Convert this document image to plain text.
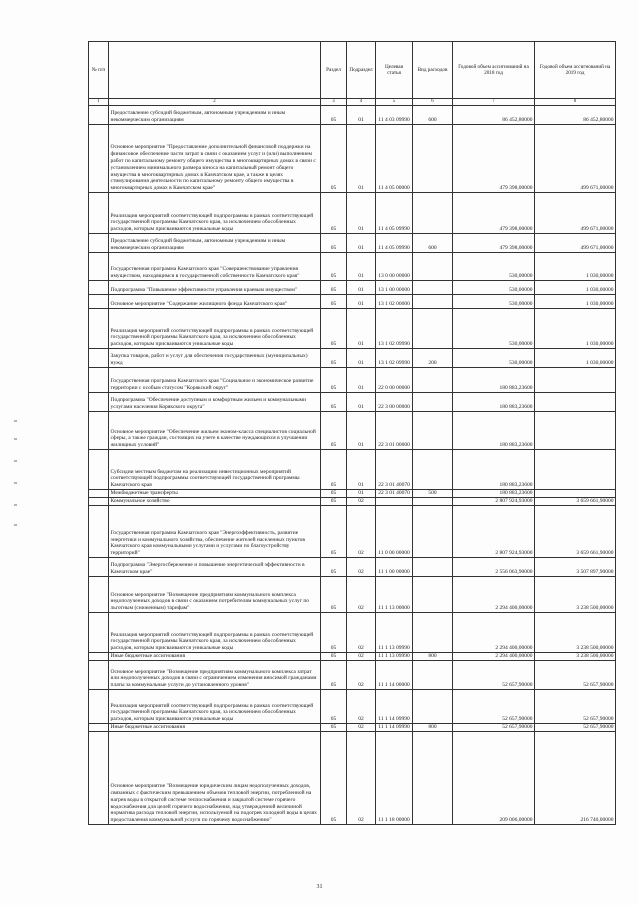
№ п/п		Раздел	Подраздел	Целевая статья	Вид расходов	Годовой объем ассигнований на 2018 год	Годовой объем ассигнований на 2019 год
1	2	3	4	5	6	7	8
	Предоставление субсидий бюджетным, автономным учреждениям и иным некоммерческим организациям	05	01	11 4 03 09990	600	86 452,80000	86 452,80000
	Основное мероприятие "Предоставление дополнительной финансовой поддержки на финансовое обеспечение части затрат в связи с оказанием услуг и (или) выполнением работ по капитальному ремонту общего имущества в многоквартирных домах в связи с установлением минимального размера взноса на капитальный ремонт общего имущества в многоквартирных домах в Камчатском крае, а также в целях стимулирования деятельности по капитальному ремонту общего имущества в многоквартирных домах в Камчатском крае"	05	01	11 4 05 00000		479 398,00000	499 671,00000
	Реализация мероприятий соответствующей подпрограммы в рамках соответствующей государственной программы Камчатского края, за исключением обособленных расходов, которым присваиваются уникальные коды	05	01	11 4 05 09990		479 398,00000	499 671,00000
	Предоставление субсидий бюджетным, автономным учреждениям и иным некоммерческим организациям	05	01	11 4 05 09990	600	479 398,00000	499 671,00000
	Государственная программа Камчатского края "Совершенствование управления имуществом, находящимся в государственной собственности Камчатского края"	05	01	13 0 00 00000		530,00000	1 030,00000
	Подпрограмма "Повышение эффективности управления краевым имуществом"	05	01	13 1 00 00000		530,00000	1 030,00000
	Основное мероприятие "Содержание жилищного фонда Камчатского края"	05	01	13 1 02 00000		530,00000	1 030,00000
	Реализация мероприятий соответствующей подпрограммы в рамках соответствующей государственной программы Камчатского края, за исключением обособленных расходов, которым присваиваются уникальные коды	05	01	13 1 02 09990		530,00000	1 030,00000
	Закупка товаров, работ и услуг для обеспечения государственных (муниципальных) нужд	05	01	13 1 02 09990	200	530,00000	1 030,00000
	Государственная программа Камчатского края "Социальное и экономическое развитие территории с особым статусом "Корякский округ"	05	01	22 0 00 00000		180 883,23600	
	Подпрограмма "Обеспечение доступным и комфортным жильем и коммунальными услугами населения Корякского округа"	05	01	22 3 00 00000		180 883,23600	
	Основное мероприятие "Обеспечение жильем эконом-класса специалистов социальной сферы, а также граждан, состоящих на учете в качестве нуждающихся в улучшении жилищных условий"	05	01	22 3 01 00000		180 883,23600	
	Субсидии местным бюджетам на реализацию инвестиционных мероприятий соответствующей подпрограммы соответствующей государственной программы Камчатского края	05	01	22 3 01 40070		180 883,23600	
	Межбюджетные трансферты	05	01	22 3 01 40070	500	180 883,23600	
	Коммунальное хозяйство	05	02			2 807 924,93000	3 659 661,90000
	Государственная программа Камчатского края "Энергоэффективность, развитие энергетики и коммунального хозяйства, обеспечение жителей населенных пунктов Камчатского края коммунальными услугами и услугами по благоустройству территорий"	05	02	11 0 00 00000		2 807 924,93000	3 659 661,90000
	Подпрограмма "Энергосбережение и повышение энергетической эффективности в Камчатском крае"	05	02	11 1 00 00000		2 556 063,90000	3 507 897,90000
	Основное мероприятие "Возмещение предприятиям коммунального комплекса недополученных доходов в связи с оказанием потребителям коммунальных услуг по льготным (сниженным) тарифам"	05	02	11 1 13 00000		2 294 400,00000	3 238 500,00000
	Реализация мероприятий соответствующей подпрограммы в рамках соответствующей государственной программы Камчатского края, за исключением обособленных расходов, которым присваиваются уникальные коды	05	02	11 1 13 09990		2 294 400,00000	3 238 500,00000
	Иные бюджетные ассигнования	05	02	11 1 13 09990	800	2 294 400,00000	3 238 500,00000
	Основное мероприятие "Возмещение предприятиям коммунального комплекса затрат или недополученных доходов в связи с ограничением изменения вносимой гражданами платы за коммунальные услуги до установленного уровня"	05	02	11 1 14 00000		52 657,90000	52 657,90000
	Реализация мероприятий соответствующей подпрограммы в рамках соответствующей государственной программы Камчатского края, за исключением обособленных расходов, которым присваиваются уникальные коды	05	02	11 1 14 09990		52 657,90000	52 657,90000
	Иные бюджетные ассигнования	05	02	11 1 14 09990	800	52 657,90000	52 657,90000
	Основное мероприятие "Возмещение юридическим лицам недополученных доходов, связанных с фактическим превышением объемов тепловой энергии, потребленной на нагрев воды в открытой системе теплоснабжения и закрытой системе горячего водоснабжения для целей горячего водоснабжения, над утвержденной величиной норматива расхода тепловой энергии, используемой на подогрев холодной воды в целях предоставления коммунальной услуги по горячему водоснабжению"	05	02	11 1 18 00000		209 006,00000	216 740,00000
31
